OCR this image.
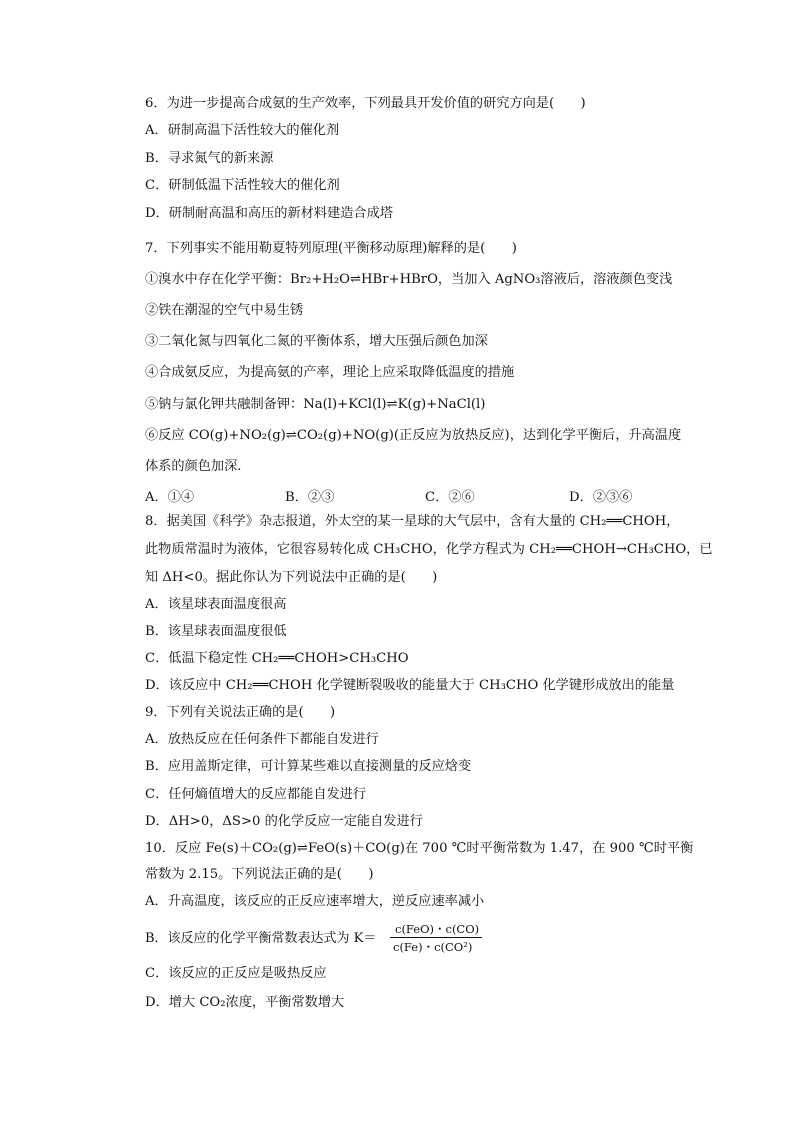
6．为进一步提高合成氨的生产效率，下列最具开发价值的研究方向是(　　)
A．研制高温下活性较大的催化剂
B．寻求氮气的新来源
C．研制低温下活性较大的催化剂
D．研制耐高温和高压的新材料建造合成塔
7．下列事实不能用勒夏特列原理(平衡移动原理)解释的是(　　)
①溴水中存在化学平衡：Br₂+H₂O⇌HBr+HBrO，当加入 AgNO₃溶液后，溶液颜色变浅
②铁在潮湿的空气中易生锈
③二氧化氮与四氧化二氮的平衡体系，增大压强后颜色加深
④合成氨反应，为提高氨的产率，理论上应采取降低温度的措施
⑤钠与氯化钾共融制备钾：Na(l)+KCl(l)⇌K(g)+NaCl(l)
⑥反应 CO(g)+NO₂(g)⇌CO₂(g)+NO(g)(正反应为放热反应)，达到化学平衡后，升高温度
体系的颜色加深.
A．①④	B．②③	C．②⑥	D．②③⑥
8．据美国《科学》杂志报道，外太空的某一星球的大气层中，含有大量的 CH₂══CHOH，
此物质常温时为液体，它很容易转化成 CH₃CHO，化学方程式为 CH₂══CHOH→CH₃CHO，已
知 ΔH<0。据此你认为下列说法中正确的是(　　)
A．该星球表面温度很高
B．该星球表面温度很低
C．低温下稳定性 CH₂══CHOH>CH₃CHO
D．该反应中 CH₂══CHOH 化学键断裂吸收的能量大于 CH₃CHO 化学键形成放出的能量
9．下列有关说法正确的是(　　)
A．放热反应在任何条件下都能自发进行
B．应用盖斯定律，可计算某些难以直接测量的反应焓变
C．任何熵值增大的反应都能自发进行
D．ΔH>0，ΔS>0 的化学反应一定能自发进行
10．反应 Fe(s)＋CO₂(g)⇌FeO(s)＋CO(g)在 700 ℃时平衡常数为 1.47，在 900 ℃时平衡
常数为 2.15。下列说法正确的是(　　)
A．升高温度，该反应的正反应速率增大，逆反应速率减小
B．该反应的化学平衡常数表达式为 K＝
c(FeO)・c(CO)
c(Fe)・c(CO²)
C．该反应的正反应是吸热反应
D．增大 CO₂浓度，平衡常数增大
